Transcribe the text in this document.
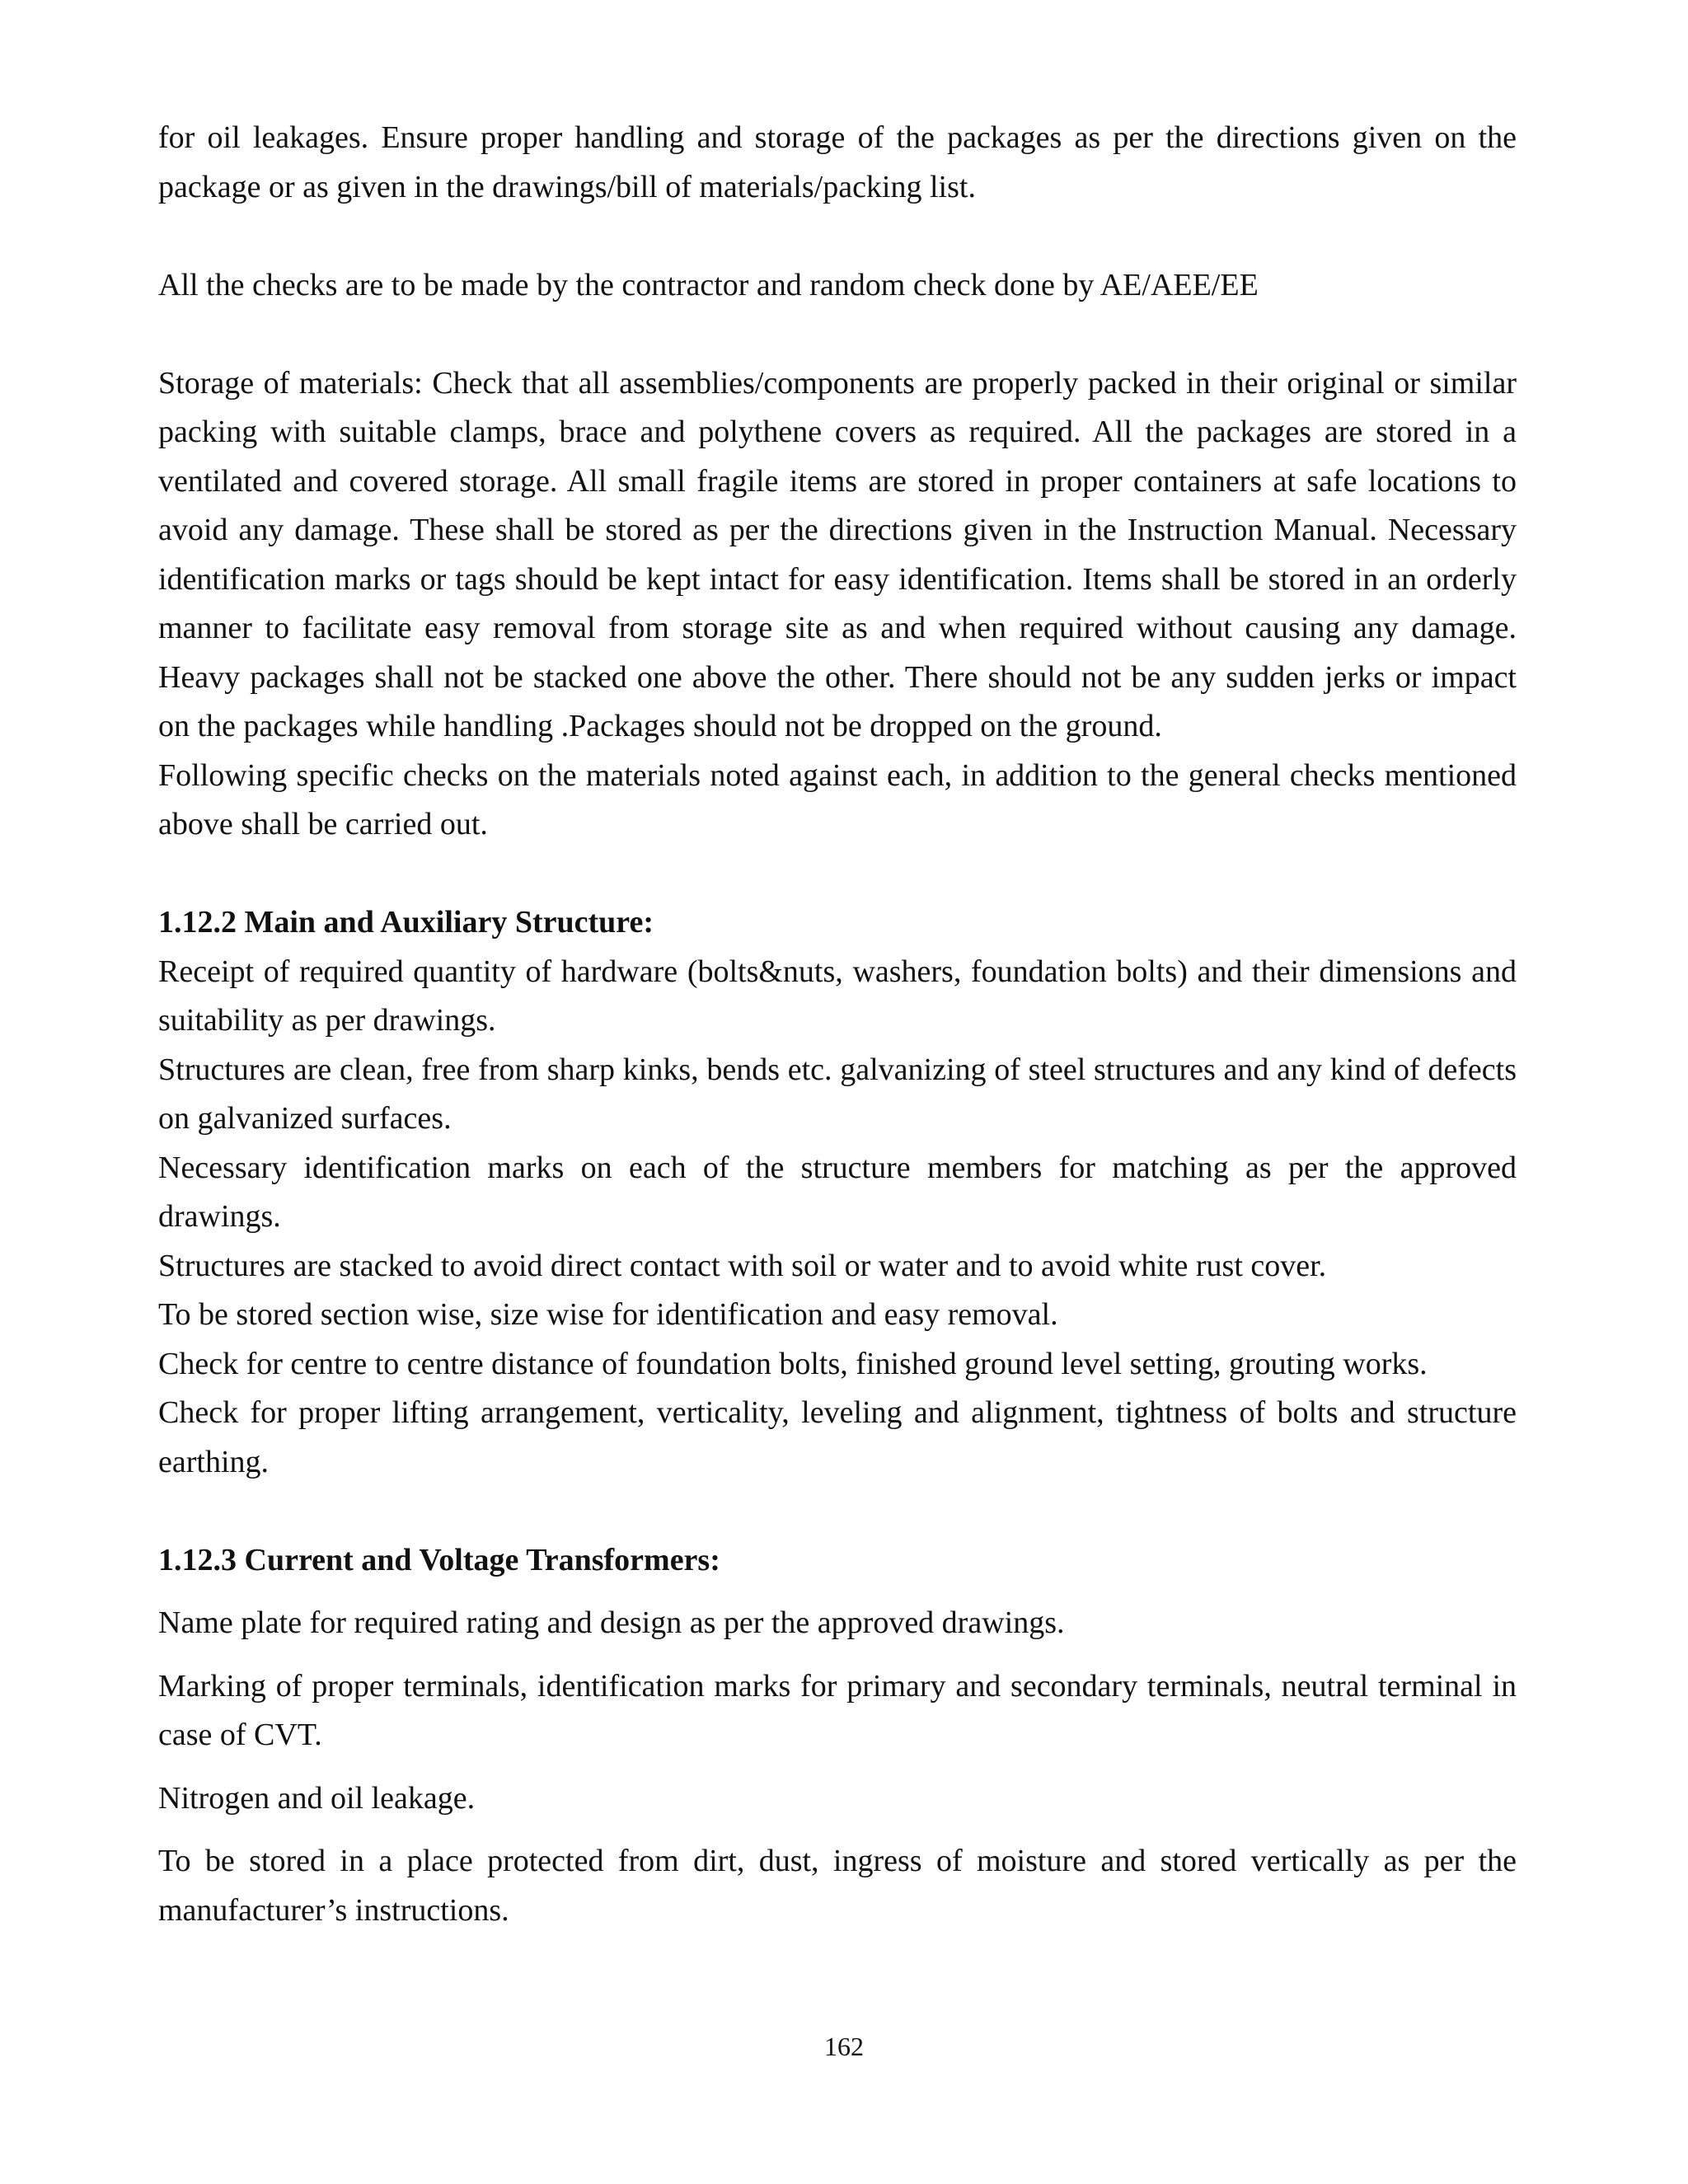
for oil leakages. Ensure proper handling and storage of the packages as per the directions given on the package or as given in the drawings/bill of materials/packing list.

All the checks are to be made by the contractor and random check done by AE/AEE/EE

Storage of materials: Check that all assemblies/components are properly packed in their original or similar packing with suitable clamps, brace and polythene covers as required. All the packages are stored in a ventilated and covered storage. All small fragile items are stored in proper containers at safe locations to avoid any damage. These shall be stored as per the directions given in the Instruction Manual. Necessary identification marks or tags should be kept intact for easy identification. Items shall be stored in an orderly manner to facilitate easy removal from storage site as and when required without causing any damage. Heavy packages shall not be stacked one above the other. There should not be any sudden jerks or impact on the packages while handling .Packages should not be dropped on the ground.

Following specific checks on the materials noted against each, in addition to the general checks mentioned above shall be carried out.

1.12.2 Main and Auxiliary Structure:

Receipt of required quantity of hardware (bolts&nuts, washers, foundation bolts) and their dimensions and suitability as per drawings.

Structures are clean, free from sharp kinks, bends etc. galvanizing of steel structures and any kind of defects on galvanized surfaces.

Necessary identification marks on each of the structure members for matching as per the approved drawings.

Structures are stacked to avoid direct contact with soil or water and to avoid white rust cover.

To be stored section wise, size wise for identification and easy removal.

Check for centre to centre distance of foundation bolts, finished ground level setting, grouting works.

Check for proper lifting arrangement, verticality, leveling and alignment, tightness of bolts and structure earthing.

1.12.3 Current and Voltage Transformers:

Name plate for required rating and design as per the approved drawings.

Marking of proper terminals, identification marks for primary and secondary terminals, neutral terminal in case of CVT.

Nitrogen and oil leakage.

To be stored in a place protected from dirt, dust, ingress of moisture and stored vertically as per the manufacturer’s instructions.

162
